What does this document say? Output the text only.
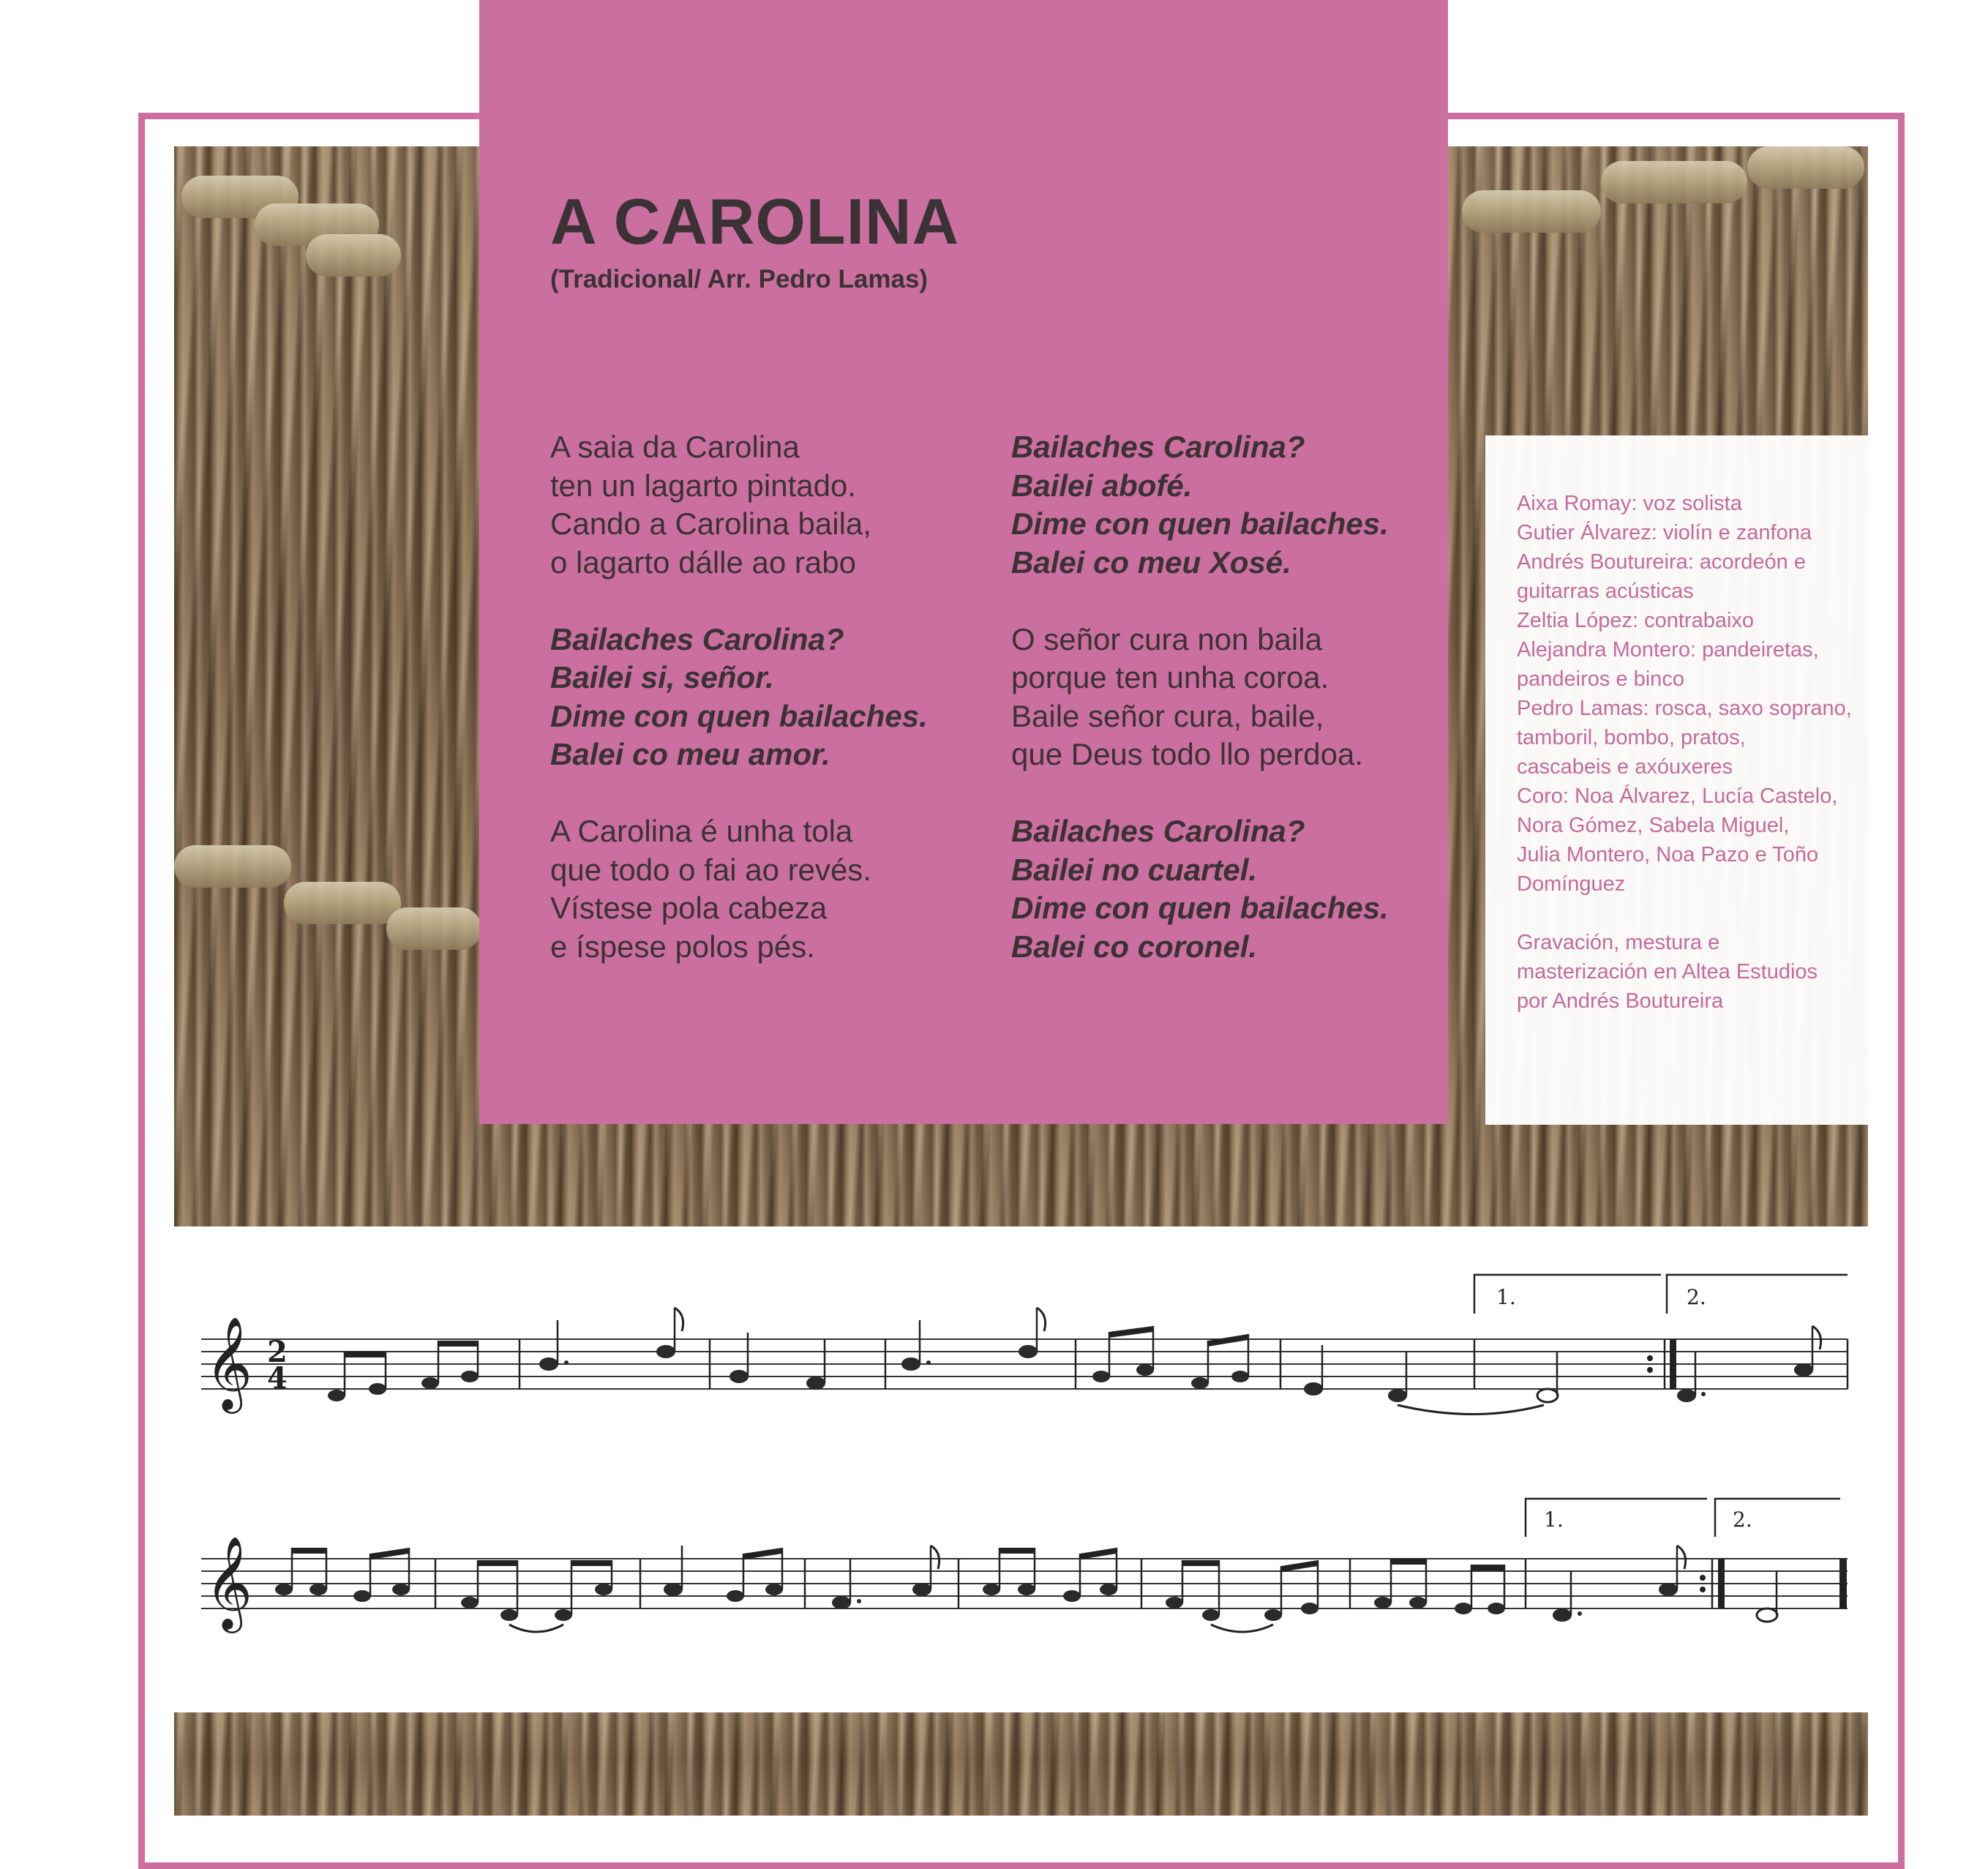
A CAROLINA
(Tradicional/ Arr. Pedro Lamas)
A saia da Carolina
ten un lagarto pintado.
Cando a Carolina baila,
o lagarto dálle ao rabo
Bailaches Carolina?
Bailei si, señor.
Dime con quen bailaches.
Balei co meu amor.
A Carolina é unha tola
que todo o fai ao revés.
Vístese pola cabeza
e íspese polos pés.
Bailaches Carolina?
Bailei abofé.
Dime con quen bailaches.
Balei co meu Xosé.
O señor cura non baila
porque ten unha coroa.
Baile señor cura, baile,
que Deus todo llo perdoa.
Bailaches Carolina?
Bailei no cuartel.
Dime con quen bailaches.
Balei co coronel.
Aixa Romay: voz solista
Gutier Álvarez: violín e zanfona
Andrés Boutureira: acordeón e
guitarras acústicas
Zeltia López: contrabaixo
Alejandra Montero: pandeiretas,
pandeiros e binco
Pedro Lamas: rosca, saxo soprano,
tamboril, bombo, pratos,
cascabeis e axóuxeres
Coro: Noa Álvarez, Lucía Castelo,
Nora Gómez, Sabela Miguel,
Julia Montero, Noa Pazo e Toño
Domínguez
Gravación, mestura e
masterización en Altea Estudios
por Andrés Boutureira
𝄞 2
4
1.	2.
𝄞
1.	2.
